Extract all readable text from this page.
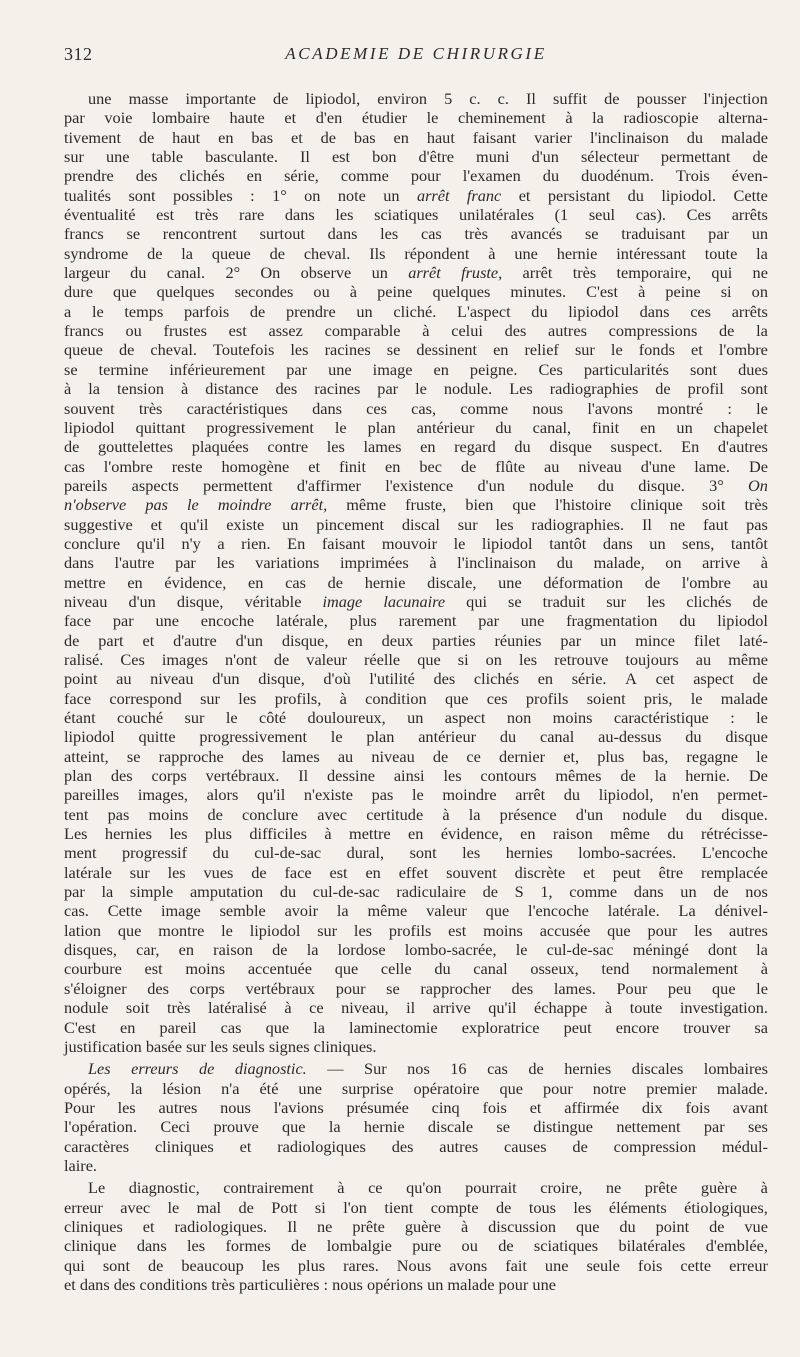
312	ACADEMIE DE CHIRURGIE
une masse importante de lipiodol, environ 5 c. c. Il suffit de pousser l'injection
par voie lombaire haute et d'en étudier le cheminement à la radioscopie alterna-
tivement de haut en bas et de bas en haut faisant varier l'inclinaison du malade
sur une table basculante. Il est bon d'être muni d'un sélecteur permettant de
prendre des clichés en série, comme pour l'examen du duodénum. Trois éven-
tualités sont possibles : 1° on note un arrêt franc et persistant du lipiodol. Cette
éventualité est très rare dans les sciatiques unilatérales (1 seul cas). Ces arrêts
francs se rencontrent surtout dans les cas très avancés se traduisant par un
syndrome de la queue de cheval. Ils répondent à une hernie intéressant toute la
largeur du canal. 2° On observe un arrêt fruste, arrêt très temporaire, qui ne
dure que quelques secondes ou à peine quelques minutes. C'est à peine si on
a le temps parfois de prendre un cliché. L'aspect du lipiodol dans ces arrêts
francs ou frustes est assez comparable à celui des autres compressions de la
queue de cheval. Toutefois les racines se dessinent en relief sur le fonds et l'ombre
se termine inférieurement par une image en peigne. Ces particularités sont dues
à la tension à distance des racines par le nodule. Les radiographies de profil sont
souvent très caractéristiques dans ces cas, comme nous l'avons montré : le
lipiodol quittant progressivement le plan antérieur du canal, finit en un chapelet
de gouttelettes plaquées contre les lames en regard du disque suspect. En d'autres
cas l'ombre reste homogène et finit en bec de flûte au niveau d'une lame. De
pareils aspects permettent d'affirmer l'existence d'un nodule du disque. 3° On
n'observe pas le moindre arrêt, même fruste, bien que l'histoire clinique soit très
suggestive et qu'il existe un pincement discal sur les radiographies. Il ne faut pas
conclure qu'il n'y a rien. En faisant mouvoir le lipiodol tantôt dans un sens, tantôt
dans l'autre par les variations imprimées à l'inclinaison du malade, on arrive à
mettre en évidence, en cas de hernie discale, une déformation de l'ombre au
niveau d'un disque, véritable image lacunaire qui se traduit sur les clichés de
face par une encoche latérale, plus rarement par une fragmentation du lipiodol
de part et d'autre d'un disque, en deux parties réunies par un mince filet laté-
ralisé. Ces images n'ont de valeur réelle que si on les retrouve toujours au même
point au niveau d'un disque, d'où l'utilité des clichés en série. A cet aspect de
face correspond sur les profils, à condition que ces profils soient pris, le malade
étant couché sur le côté douloureux, un aspect non moins caractéristique : le
lipiodol quitte progressivement le plan antérieur du canal au-dessus du disque
atteint, se rapproche des lames au niveau de ce dernier et, plus bas, regagne le
plan des corps vertébraux. Il dessine ainsi les contours mêmes de la hernie. De
pareilles images, alors qu'il n'existe pas le moindre arrêt du lipiodol, n'en permet-
tent pas moins de conclure avec certitude à la présence d'un nodule du disque.
Les hernies les plus difficiles à mettre en évidence, en raison même du rétrécisse-
ment progressif du cul-de-sac dural, sont les hernies lombo-sacrées. L'encoche
latérale sur les vues de face est en effet souvent discrète et peut être remplacée
par la simple amputation du cul-de-sac radiculaire de S 1, comme dans un de nos
cas. Cette image semble avoir la même valeur que l'encoche latérale. La dénivel-
lation que montre le lipiodol sur les profils est moins accusée que pour les autres
disques, car, en raison de la lordose lombo-sacrée, le cul-de-sac méningé dont la
courbure est moins accentuée que celle du canal osseux, tend normalement à
s'éloigner des corps vertébraux pour se rapprocher des lames. Pour peu que le
nodule soit très latéralisé à ce niveau, il arrive qu'il échappe à toute investigation.
C'est en pareil cas que la laminectomie exploratrice peut encore trouver sa
justification basée sur les seuls signes cliniques.
Les erreurs de diagnostic. — Sur nos 16 cas de hernies discales lombaires
opérés, la lésion n'a été une surprise opératoire que pour notre premier malade.
Pour les autres nous l'avions présumée cinq fois et affirmée dix fois avant
l'opération. Ceci prouve que la hernie discale se distingue nettement par ses
caractères cliniques et radiologiques des autres causes de compression médul-
laire.
Le diagnostic, contrairement à ce qu'on pourrait croire, ne prête guère à
erreur avec le mal de Pott si l'on tient compte de tous les éléments étiologiques,
cliniques et radiologiques. Il ne prête guère à discussion que du point de vue
clinique dans les formes de lombalgie pure ou de sciatiques bilatérales d'emblée,
qui sont de beaucoup les plus rares. Nous avons fait une seule fois cette erreur
et dans des conditions très particulières : nous opérions un malade pour une
